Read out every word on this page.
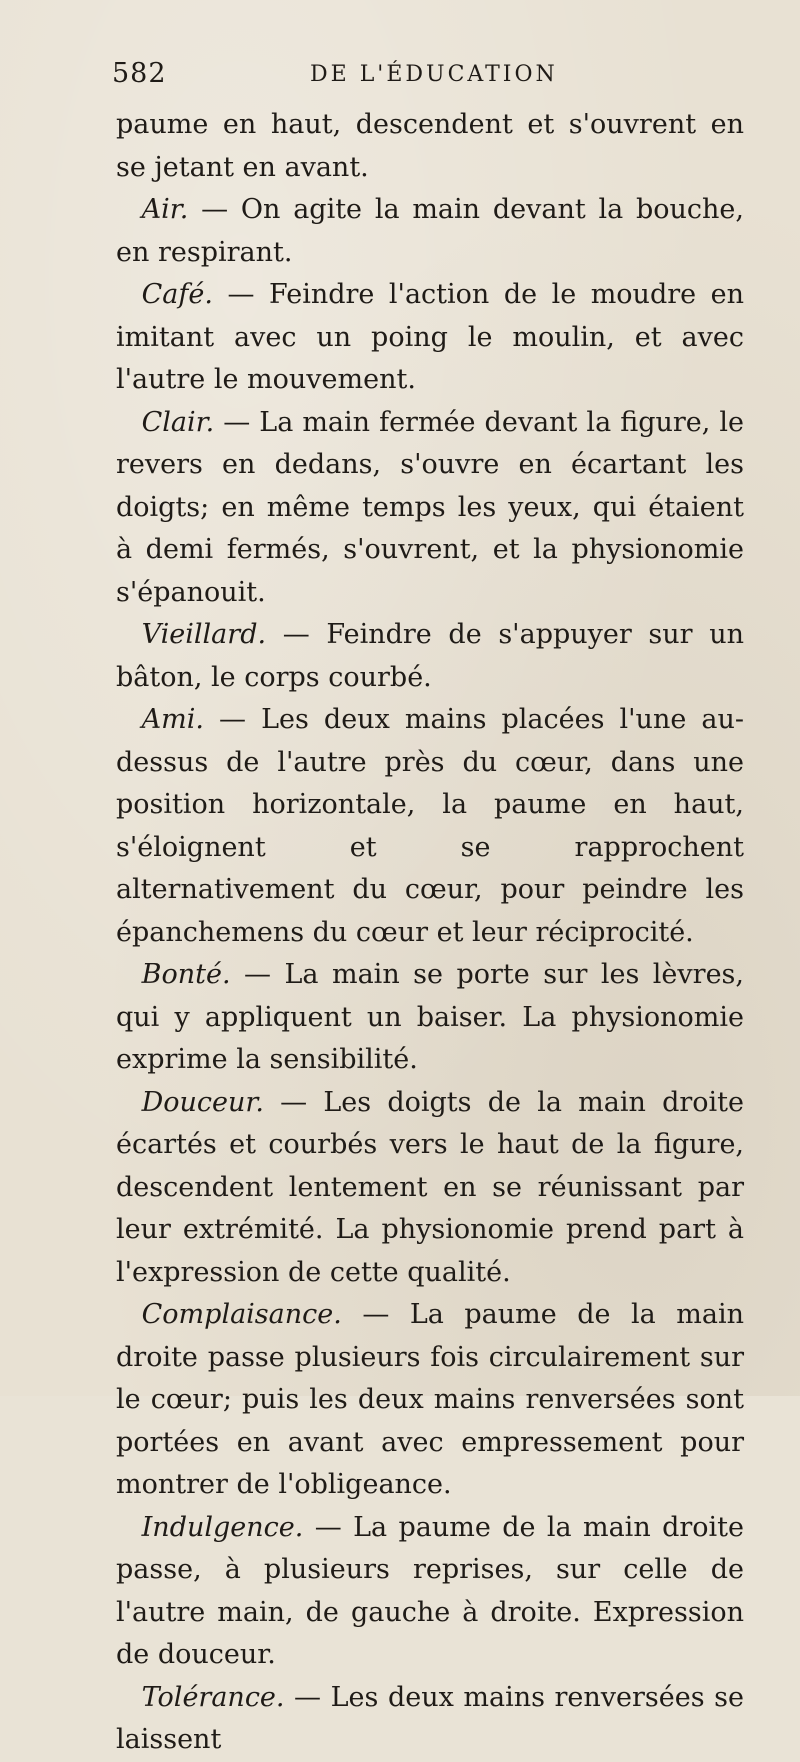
582	DE L'ÉDUCATION

paume en haut, descendent et s'ouvrent en se jetant en avant.

Air. — On agite la main devant la bouche, en respirant.

Café. — Feindre l'action de le moudre en imitant avec un poing le moulin, et avec l'autre le mouvement.

Clair. — La main fermée devant la figure, le revers en dedans, s'ouvre en écartant les doigts; en même temps les yeux, qui étaient à demi fermés, s'ouvrent, et la physionomie s'épanouit.

Vieillard. — Feindre de s'appuyer sur un bâton, le corps courbé.

Ami. — Les deux mains placées l'une au-dessus de l'autre près du cœur, dans une position horizontale, la paume en haut, s'éloignent et se rapprochent alternativement du cœur, pour peindre les épanchemens du cœur et leur réciprocité.

Bonté. — La main se porte sur les lèvres, qui y appliquent un baiser. La physionomie exprime la sensibilité.

Douceur. — Les doigts de la main droite écartés et courbés vers le haut de la figure, descendent lentement en se réunissant par leur extrémité. La physionomie prend part à l'expression de cette qualité.

Complaisance. — La paume de la main droite passe plusieurs fois circulairement sur le cœur; puis les deux mains renversées sont portées en avant avec empressement pour montrer de l'obligeance.

Indulgence. — La paume de la main droite passe, à plusieurs reprises, sur celle de l'autre main, de gauche à droite. Expression de douceur.

Tolérance. — Les deux mains renversées se laissent
